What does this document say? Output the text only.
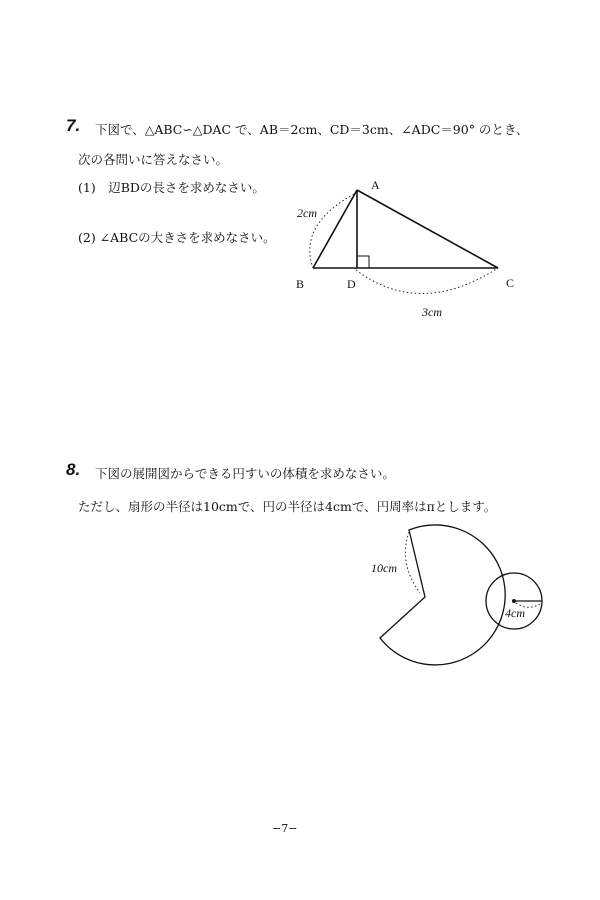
7. 下図で、△ABC∽△DAC で、AB＝2cm、CD＝3cm、∠ADC＝90° のとき、
次の各問いに答えなさい。
(1)　辺BDの長さを求めなさい。
(2) ∠ABCの大きさを求めなさい。
A
B	D	C
2cm
3cm
8. 下図の展開図からできる円すいの体積を求めなさい。
ただし、扇形の半径は10cmで、円の半径は4cmで、円周率はπとします。
10cm
4cm
−7−
